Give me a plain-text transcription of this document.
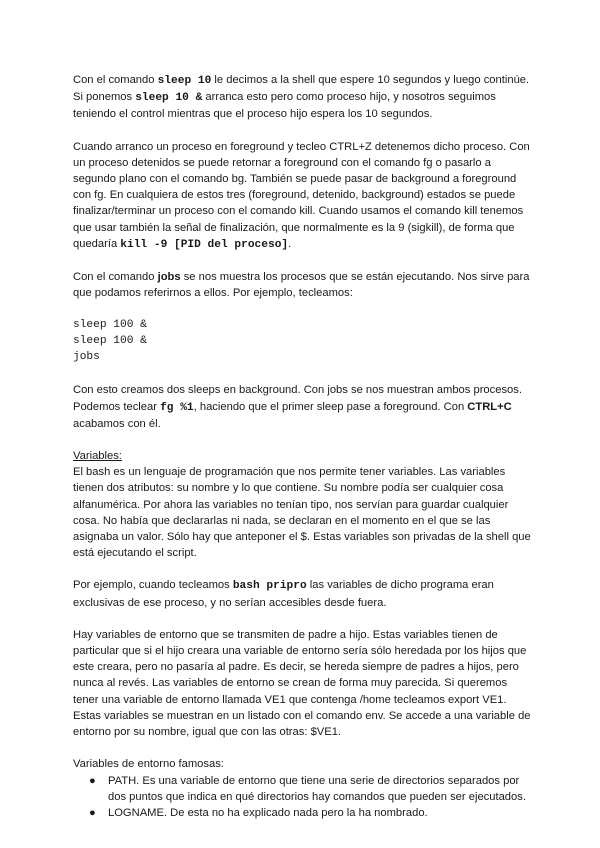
Con el comando sleep 10 le decimos a la shell que espere 10 segundos y luego continúe. Si ponemos sleep 10 & arranca esto pero como proceso hijo, y nosotros seguimos teniendo el control mientras que el proceso hijo espera los 10 segundos.

Cuando arranco un proceso en foreground y tecleo CTRL+Z detenemos dicho proceso. Con un proceso detenidos se puede retornar a foreground con el comando fg o pasarlo a segundo plano con el comando bg. También se puede pasar de background a foreground con fg. En cualquiera de estos tres (foreground, detenido, background) estados se puede finalizar/terminar un proceso con el comando kill. Cuando usamos el comando kill tenemos que usar también la señal de finalización, que normalmente es la 9 (sigkill), de forma que quedaría kill -9 [PID del proceso].

Con el comando jobs se nos muestra los procesos que se están ejecutando. Nos sirve para que podamos referirnos a ellos. Por ejemplo, tecleamos:

sleep 100 &

sleep 100 &

jobs

Con esto creamos dos sleeps en background. Con jobs se nos muestran ambos procesos. Podemos teclear fg %1, haciendo que el primer sleep pase a foreground. Con CTRL+C acabamos con él.

Variables:

El bash es un lenguaje de programación que nos permite tener variables. Las variables tienen dos atributos: su nombre y lo que contiene. Su nombre podía ser cualquier cosa alfanumérica. Por ahora las variables no tenían tipo, nos servían para guardar cualquier cosa. No había que declararlas ni nada, se declaran en el momento en el que se las asignaba un valor. Sólo hay que anteponer el $. Estas variables son privadas de la shell que está ejecutando el script.

Por ejemplo, cuando tecleamos bash pripro las variables de dicho programa eran exclusivas de ese proceso, y no serían accesibles desde fuera.

Hay variables de entorno que se transmiten de padre a hijo. Estas variables tienen de particular que si el hijo creara una variable de entorno sería sólo heredada por los hijos que este creara, pero no pasaría al padre. Es decir, se hereda siempre de padres a hijos, pero nunca al revés. Las variables de entorno se crean de forma muy parecida. Si queremos tener una variable de entorno llamada VE1 que contenga /home tecleamos export VE1. Estas variables se muestran en un listado con el comando env. Se accede a una variable de entorno por su nombre, igual que con las otras: $VE1.

Variables de entorno famosas:

● PATH. Es una variable de entorno que tiene una serie de directorios separados por dos puntos que indica en qué directorios hay comandos que pueden ser ejecutados.
● LOGNAME. De esta no ha explicado nada pero la ha nombrado.
